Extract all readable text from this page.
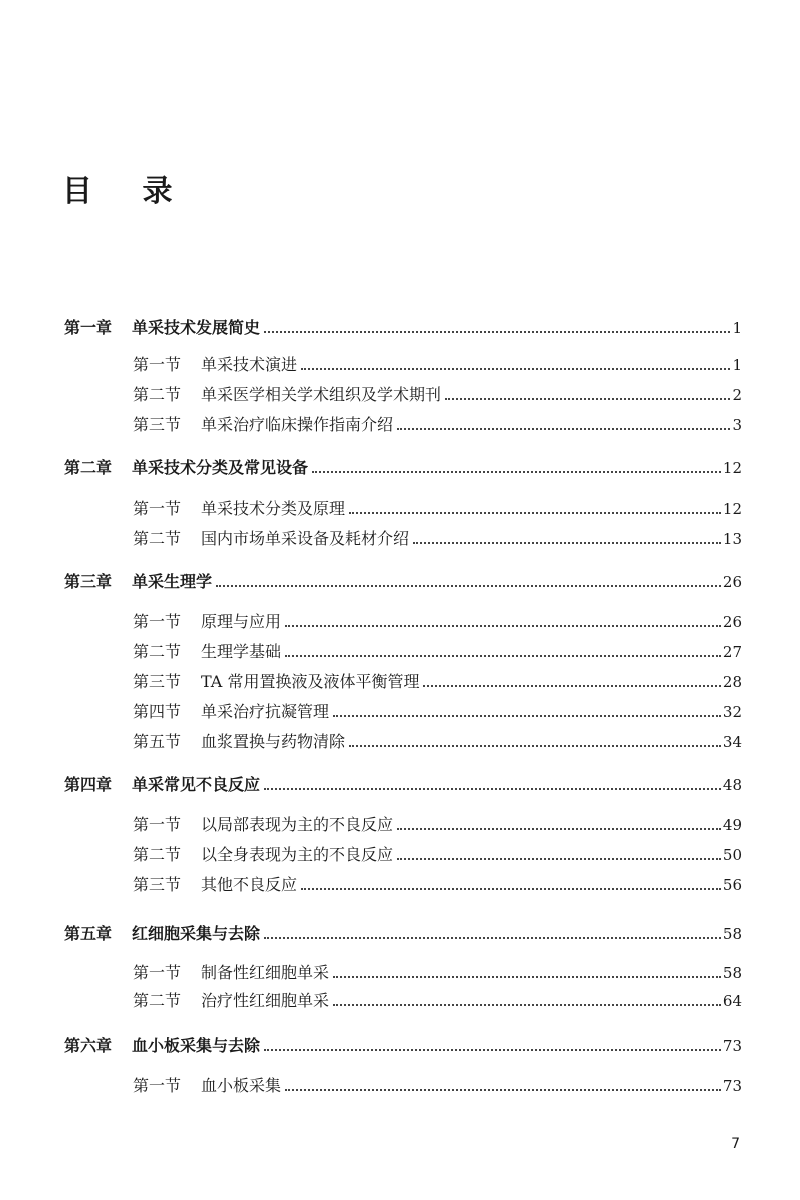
目 录
第一章	单采技术发展简史	1
第一节	单采技术演进	1
第二节	单采医学相关学术组织及学术期刊	2
第三节	单采治疗临床操作指南介绍	3
第二章	单采技术分类及常见设备	12
第一节	单采技术分类及原理	12
第二节	国内市场单采设备及耗材介绍	13
第三章	单采生理学	26
第一节	原理与应用	26
第二节	生理学基础	27
第三节	TA 常用置换液及液体平衡管理	28
第四节	单采治疗抗凝管理	32
第五节	血浆置换与药物清除	34
第四章	单采常见不良反应	48
第一节	以局部表现为主的不良反应	49
第二节	以全身表现为主的不良反应	50
第三节	其他不良反应	56
第五章	红细胞采集与去除	58
第一节	制备性红细胞单采	58
第二节	治疗性红细胞单采	64
第六章	血小板采集与去除	73
第一节	血小板采集	73
7
